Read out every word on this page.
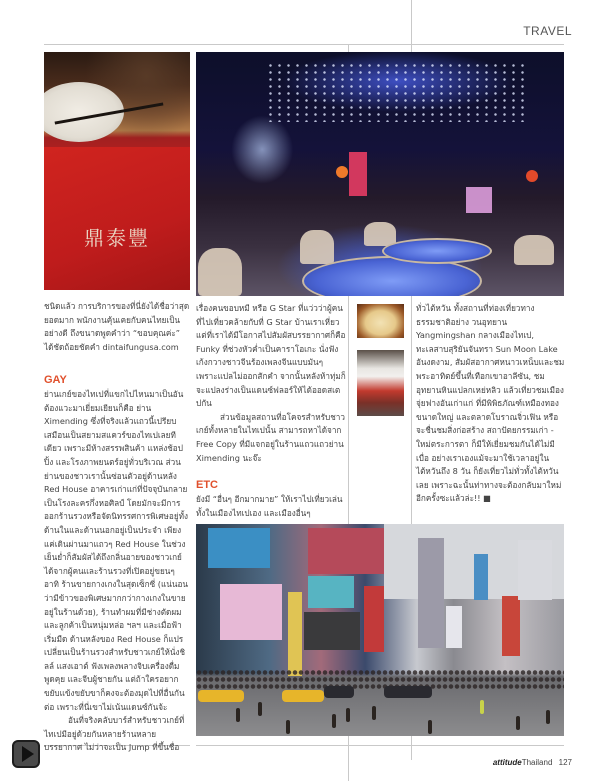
TRAVEL
鼎泰豐

ชนิดแล้ว การบริการของที่นี่ยังได้ชื่อว่าสุดยอดมาก พนักงานคุ้นเคยกับคนไทยเป็นอย่างดี ถึงขนาดพูดคำว่า “ขอบคุณค่ะ” ได้ชัดถ้อยชัดคำ dintaifungusa.com

GAY

ย่านเกย์ของไทเปที่แขกไปไหนมาเป็นอันต้องแวะมาเยี่ยมเยียนก็คือ ย่าน Ximending ซึ่งที่จริงแล้วแถวนี้เปรียบเสมือนเป็นสยามสแควร์ของไทเปเลยทีเดียว เพราะมีห้างสรรพสินค้า แหล่งช้อปปิ้ง และโรงภาพยนตร์อยู่ทั่วบริเวณ ส่วนย่านของชาวเรานั้นซ่อนตัวอยู่ด้านหลัง Red House อาคารเก่าแก่ที่ปัจจุบันกลายเป็นโรงละครกึ่งหอศิลป์ โดยมักจะมีการออกร้านรวงหรือจัดนิทรรศการพิเศษอยู่ทั้งด้านในและด้านนอกอยู่เป็นประจำ เพียงแค่เดินผ่านมาแถวๆ Red House ในช่วงเย็นย่ำก็สัมผัสได้ถึงกลิ่นอายของชาวเกย์ได้จากผู้คนและร้านรวงที่เปิดอยู่ขยนๆ อาทิ ร้านขายกางเกงในสุดเซ็กซี่ (แน่นอนว่ามีข้าวของพิเศษมากกว่ากางเกงในขายอยู่ในร้านด้วย), ร้านทำผมที่มีช่างตัดผมและลูกค้าเป็นหนุ่มหล่อ ฯลฯ และเมื่อฟ้าเริ่มมืด ด้านหลังของ Red House ก็แปรเปลี่ยนเป็นร้านรวงสำหรับชาวเกย์ให้นั่งชิลล์ แสงเอาต์ ฟังเพลงพลางจิบเครื่องดื่ม พูดคุย และจีบผู้ชายกัน แต่ถ้าใครอยากขยับแข้งขยับขาก็คงจะต้องมุดไปที่อื่นกันต่อ เพราะที่นี่เขาไม่เน้นแดนซ์กันจ้ะ

อันที่จริงคลับบาร์สำหรับชาวเกย์ที่ไทเปมีอยู่ด้วยกันหลายร้านหลายบรรยากาศ ไม่ว่าจะเป็น Jump ที่ขึ้นชื่อ

เรื่องคนขอบหมี หรือ G Star ที่แว่วว่าผู้คนที่ไปเที่ยวคล้ายกับที่ G Star บ้านเราเหี่ยว แต่ที่เราได้มีโอกาสไปสัมผัสบรรยากาศก็คือ Funky ที่ช่วงหัวค่ำเป็นคาราโอเกะ นั่งฟังเก้งกวางชาวจีนร้องเพลงจีนแบบมันๆ เพราะแปลไม่ออกสักคำ จากนั้นหลังห้าทุ่มก็จะแปลงร่างเป็นแดนซ์ฟลอร์ให้ได้ออดสเตปกัน

ส่วนข้อมูลสถานที่อโคจรสำหรับชาวเกย์ทั้งหลายในไทเปนั้น สามารถหาได้จาก Free Copy ที่มีแจกอยู่ในร้านแถวแถวย่าน Ximending นะจ๊ะ

ETC

ยังมี “อื่นๆ อีกมากมาย” ให้เราไปเที่ยวเล่น ทั้งในเมืองไทเปเอง และเมืองอื่นๆ

ทั่วไต้หวัน ทั้งสถานที่ท่องเที่ยวทางธรรมชาติอย่าง วนอุทยาน Yangmingshan กลางเมืองไทเป, ทะเลสาบสุริยันจันทรา Sun Moon Lake อันงดงาม, สัมผัสอากาศหนาวเหน็บและชมพระอาทิตย์ขึ้นที่เทือกเขาอาลีซัน, ชมอุทยานหินแปลกเหย่หลิว แล้วเที่ยวชมเมืองจุ่ยฟางอันเก่าแก่ ที่มีพิพิธภัณฑ์เหมืองทองขนาดใหญ่ และตลาดโบราณจิ่วเฟิน หรือจะชื่นชมสิ่งก่อสร้าง สถาปัตยกรรมเก่า - ใหม่ตระการตา ก็มีให้เยี่ยมชมกันได้ไม่มีเบื่อ อย่างเราเองแม้จะมาใช้เวลาอยู่ในไต้หวันถึง 8 วัน ก็ยังเที่ยวไม่ทั่วทั้งไต้หวันเลย เพราะฉะนั้นท่าทางจะต้องกลับมาใหม่อีกครั้งซะแล้วล่ะ!! ■

attitudeThailand 127
